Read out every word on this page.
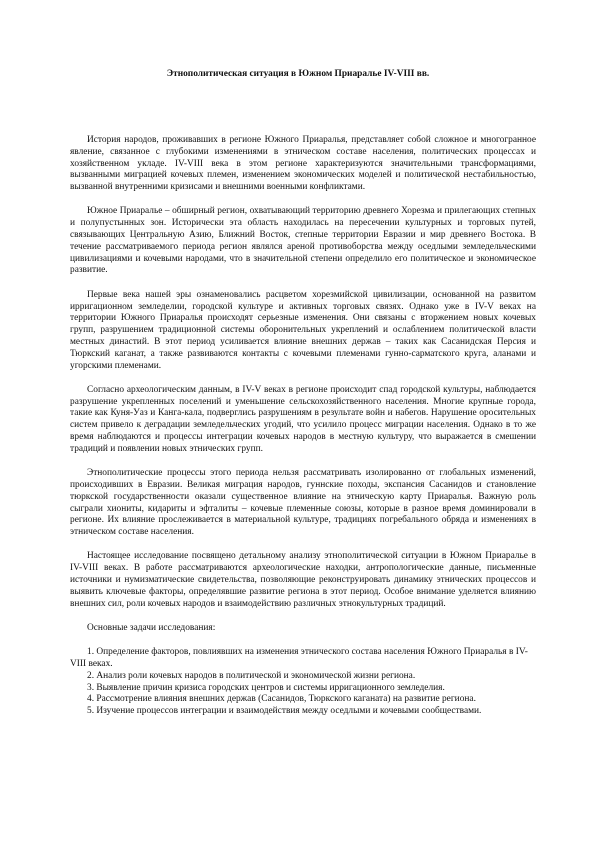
Этнополитическая ситуация в Южном Приаралье IV-VIII вв.

История народов, проживавших в регионе Южного Приаралья, представляет собой сложное и многогранное явление, связанное с глубокими изменениями в этническом составе населения, политических процессах и хозяйственном укладе. IV-VIII века в этом регионе характеризуются значительными трансформациями, вызванными миграцией кочевых племен, изменением экономических моделей и политической нестабильностью, вызванной внутренними кризисами и внешними военными конфликтами.

Южное Приаралье – обширный регион, охватывающий территорию древнего Хорезма и прилегающих степных и полупустынных зон. Исторически эта область находилась на пересечении культурных и торговых путей, связывающих Центральную Азию, Ближний Восток, степные территории Евразии и мир древнего Востока. В течение рассматриваемого периода регион являлся ареной противоборства между оседлыми земледельческими цивилизациями и кочевыми народами, что в значительной степени определило его политическое и экономическое развитие.

Первые века нашей эры ознаменовались расцветом хорезмийской цивилизации, основанной на развитом ирригационном земледелии, городской культуре и активных торговых связях. Однако уже в IV-V веках на территории Южного Приаралья происходят серьезные изменения. Они связаны с вторжением новых кочевых групп, разрушением традиционной системы оборонительных укреплений и ослаблением политической власти местных династий. В этот период усиливается влияние внешних держав – таких как Сасанидская Персия и Тюркский каганат, а также развиваются контакты с кочевыми племенами гунно-сарматского круга, аланами и угорскими племенами.

Согласно археологическим данным, в IV-V веках в регионе происходит спад городской культуры, наблюдается разрушение укрепленных поселений и уменьшение сельскохозяйственного населения. Многие крупные города, такие как Куня-Уаз и Канга-кала, подверглись разрушениям в результате войн и набегов. Нарушение оросительных систем привело к деградации земледельческих угодий, что усилило процесс миграции населения. Однако в то же время наблюдаются и процессы интеграции кочевых народов в местную культуру, что выражается в смешении традиций и появлении новых этнических групп.

Этнополитические процессы этого периода нельзя рассматривать изолированно от глобальных изменений, происходивших в Евразии. Великая миграция народов, гуннские походы, экспансия Сасанидов и становление тюркской государственности оказали существенное влияние на этническую карту Приаралья. Важную роль сыграли хиониты, кидариты и эфталиты – кочевые племенные союзы, которые в разное время доминировали в регионе. Их влияние прослеживается в материальной культуре, традициях погребального обряда и изменениях в этническом составе населения.

Настоящее исследование посвящено детальному анализу этнополитической ситуации в Южном Приаралье в IV-VIII веках. В работе рассматриваются археологические находки, антропологические данные, письменные источники и нумизматические свидетельства, позволяющие реконструировать динамику этнических процессов и выявить ключевые факторы, определявшие развитие региона в этот период. Особое внимание уделяется влиянию внешних сил, роли кочевых народов и взаимодействию различных этнокультурных традиций.

Основные задачи исследования:

1. Определение факторов, повлиявших на изменения этнического состава населения Южного Приаралья в IV-VIII веках.

2. Анализ роли кочевых народов в политической и экономической жизни региона.

3. Выявление причин кризиса городских центров и системы ирригационного земледелия.

4. Рассмотрение влияния внешних держав (Сасанидов, Тюркского каганата) на развитие региона.

5. Изучение процессов интеграции и взаимодействия между оседлыми и кочевыми сообществами.
